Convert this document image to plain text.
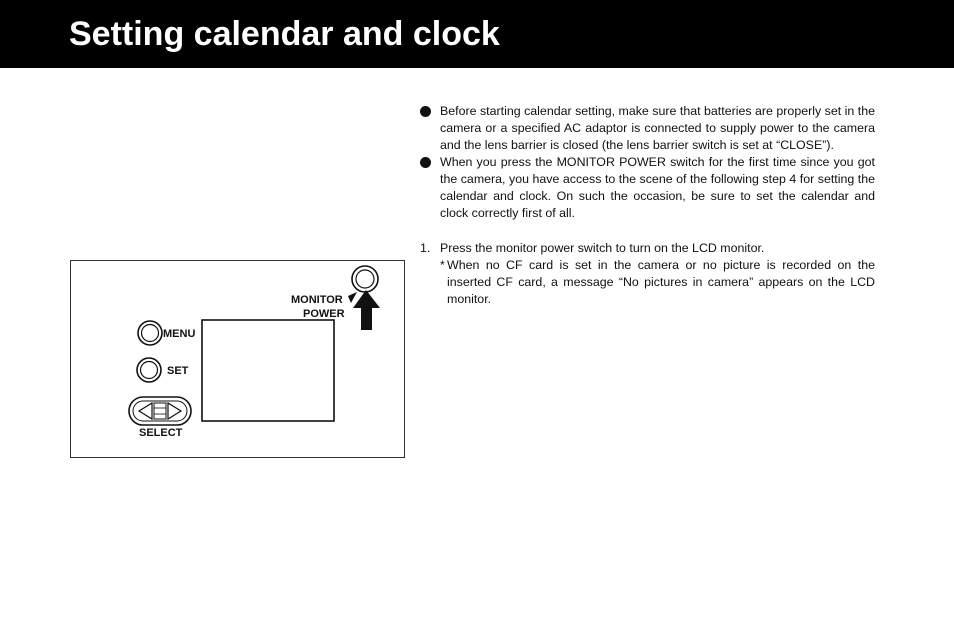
Setting calendar and clock
MONITOR
POWER
MENU
SET
SELECT
Before starting calendar setting, make sure that batteries are properly set in the camera or a specified AC adaptor is connected to supply power to the camera and the lens barrier is closed (the lens barrier switch is set at “CLOSE”).
When you press the MONITOR POWER switch for the first time since you got the camera, you have access to the scene of the following step 4 for setting the calendar and clock. On such the occasion, be sure to set the calendar and clock correctly first of all.
1. Press the monitor power switch to turn on the LCD monitor.
* When no CF card is set in the camera or no picture is recorded on the inserted CF card, a message “No pictures in camera” appears on the LCD monitor.
